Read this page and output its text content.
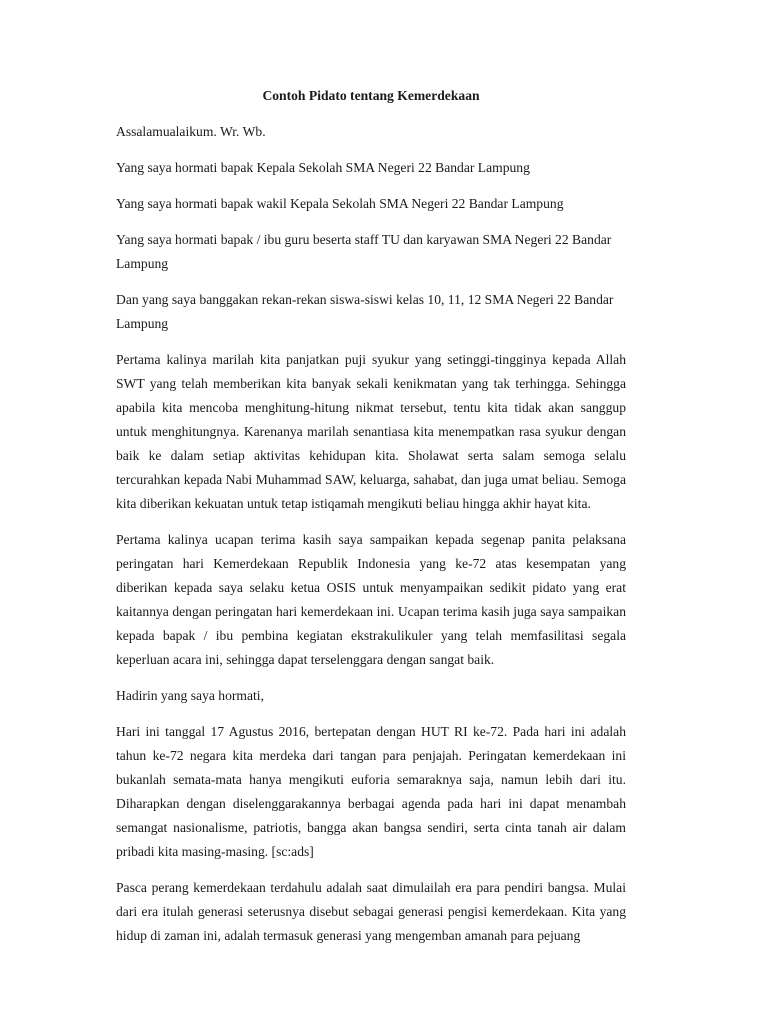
Contoh Pidato tentang Kemerdekaan

Assalamualaikum. Wr. Wb.

Yang saya hormati bapak Kepala Sekolah SMA Negeri 22 Bandar Lampung

Yang saya hormati bapak wakil Kepala Sekolah SMA Negeri 22 Bandar Lampung

Yang saya hormati bapak / ibu guru beserta staff TU dan karyawan SMA Negeri 22 Bandar Lampung

Dan yang saya banggakan rekan-rekan siswa-siswi kelas 10, 11, 12 SMA Negeri 22 Bandar Lampung

Pertama kalinya marilah kita panjatkan puji syukur yang setinggi-tingginya kepada Allah SWT yang telah memberikan kita banyak sekali kenikmatan yang tak terhingga. Sehingga apabila kita mencoba menghitung-hitung nikmat tersebut, tentu kita tidak akan sanggup untuk menghitungnya. Karenanya marilah senantiasa kita menempatkan rasa syukur dengan baik ke dalam setiap aktivitas kehidupan kita. Sholawat serta salam semoga selalu tercurahkan kepada Nabi Muhammad SAW, keluarga, sahabat, dan juga umat beliau. Semoga kita diberikan kekuatan untuk tetap istiqamah mengikuti beliau hingga akhir hayat kita.

Pertama kalinya ucapan terima kasih saya sampaikan kepada segenap panita pelaksana peringatan hari Kemerdekaan Republik Indonesia yang ke-72 atas kesempatan yang diberikan kepada saya selaku ketua OSIS untuk menyampaikan sedikit pidato yang erat kaitannya dengan peringatan hari kemerdekaan ini. Ucapan terima kasih juga saya sampaikan kepada bapak / ibu pembina kegiatan ekstrakulikuler yang telah memfasilitasi segala keperluan acara ini, sehingga dapat terselenggara dengan sangat baik.

Hadirin yang saya hormati,

Hari ini tanggal 17 Agustus 2016, bertepatan dengan HUT RI ke-72. Pada hari ini adalah tahun ke-72 negara kita merdeka dari tangan para penjajah. Peringatan kemerdekaan ini bukanlah semata-mata hanya mengikuti euforia semaraknya saja, namun lebih dari itu. Diharapkan dengan diselenggarakannya berbagai agenda pada hari ini dapat menambah semangat nasionalisme, patriotis, bangga akan bangsa sendiri, serta cinta tanah air dalam pribadi kita masing-masing. [sc:ads]

Pasca perang kemerdekaan terdahulu adalah saat dimulailah era para pendiri bangsa. Mulai dari era itulah generasi seterusnya disebut sebagai generasi pengisi kemerdekaan. Kita yang hidup di zaman ini, adalah termasuk generasi yang mengemban amanah para pejuang
